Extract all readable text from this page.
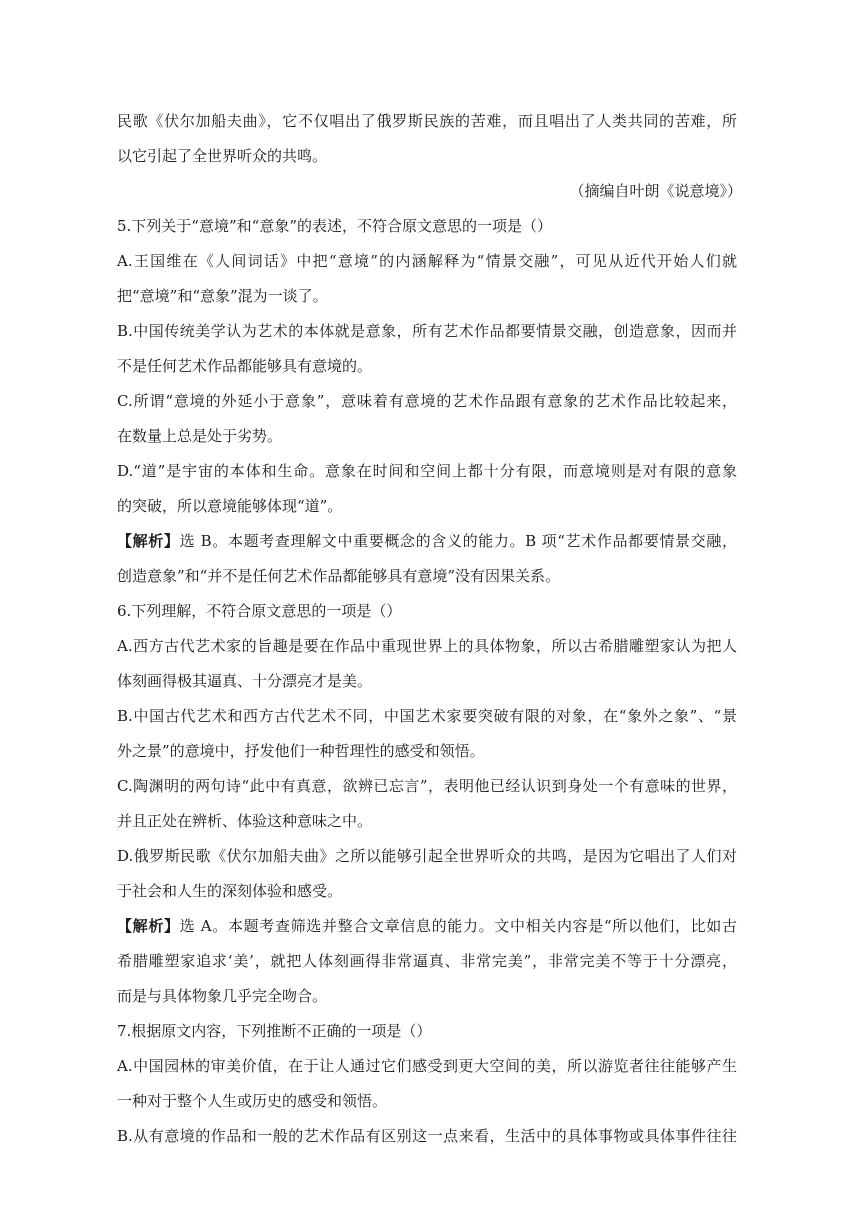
民歌《伏尔加船夫曲》，它不仅唱出了俄罗斯民族的苦难，而且唱出了人类共同的苦难，所
以它引起了全世界听众的共鸣。
（摘编自叶朗《说意境》）
5.下列关于“意境”和“意象”的表述，不符合原文意思的一项是（）
A.王国维在《人间词话》中把“意境”的内涵解释为“情景交融”，可见从近代开始人们就
把“意境”和“意象”混为一谈了。
B.中国传统美学认为艺术的本体就是意象，所有艺术作品都要情景交融，创造意象，因而并
不是任何艺术作品都能够具有意境的。
C.所谓“意境的外延小于意象”，意味着有意境的艺术作品跟有意象的艺术作品比较起来，
在数量上总是处于劣势。
D.“道”是宇宙的本体和生命。意象在时间和空间上都十分有限，而意境则是对有限的意象
的突破，所以意境能够体现“道”。
【解析】选 B。本题考查理解文中重要概念的含义的能力。B 项“艺术作品都要情景交融，
创造意象”和“并不是任何艺术作品都能够具有意境”没有因果关系。
6.下列理解，不符合原文意思的一项是（）
A.西方古代艺术家的旨趣是要在作品中重现世界上的具体物象，所以古希腊雕塑家认为把人
体刻画得极其逼真、十分漂亮才是美。
B.中国古代艺术和西方古代艺术不同，中国艺术家要突破有限的对象，在“象外之象”、“景
外之景”的意境中，抒发他们一种哲理性的感受和领悟。
C.陶渊明的两句诗“此中有真意，欲辨已忘言”，表明他已经认识到身处一个有意味的世界，
并且正处在辨析、体验这种意味之中。
D.俄罗斯民歌《伏尔加船夫曲》之所以能够引起全世界听众的共鸣，是因为它唱出了人们对
于社会和人生的深刻体验和感受。
【解析】选 A。本题考查筛选并整合文章信息的能力。文中相关内容是“所以他们，比如古
希腊雕塑家追求‘美’，就把人体刻画得非常逼真、非常完美”，非常完美不等于十分漂亮，
而是与具体物象几乎完全吻合。
7.根据原文内容，下列推断不正确的一项是（）
A.中国园林的审美价值，在于让人通过它们感受到更大空间的美，所以游览者往往能够产生
一种对于整个人生或历史的感受和领悟。
B.从有意境的作品和一般的艺术作品有区别这一点来看，生活中的具体事物或具体事件往往
